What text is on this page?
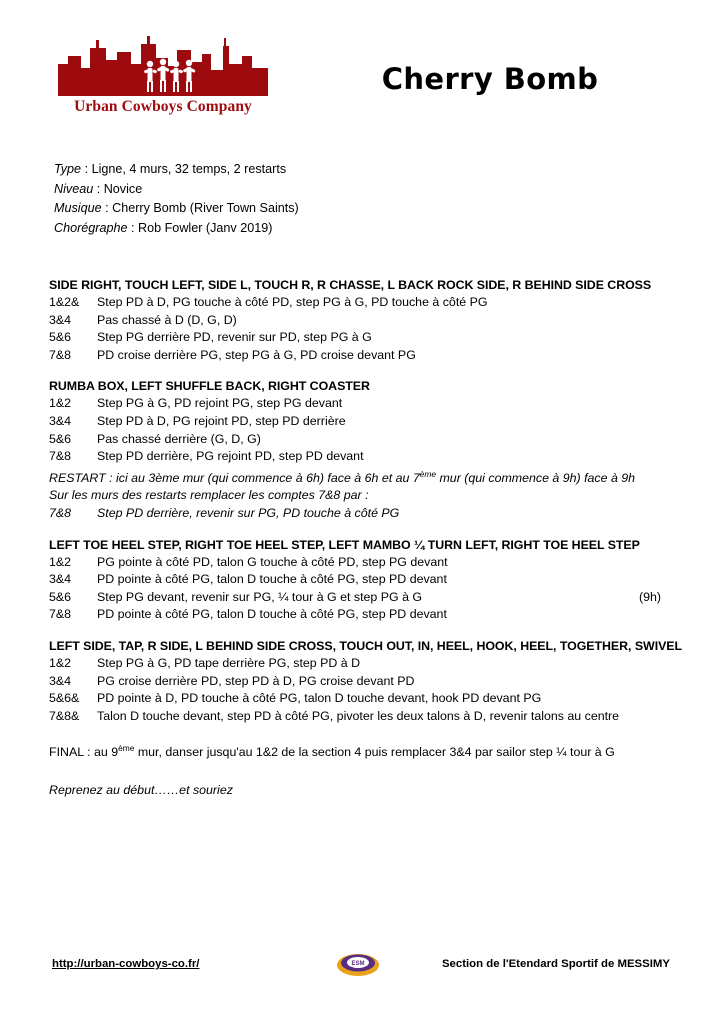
Urban Cowboys Company
Cherry Bomb
Type : Ligne, 4 murs, 32 temps, 2 restarts
Niveau : Novice
Musique : Cherry Bomb (River Town Saints)
Chorégraphe : Rob Fowler (Janv 2019)
SIDE RIGHT, TOUCH LEFT, SIDE L, TOUCH R, R CHASSE, L BACK ROCK SIDE, R BEHIND SIDE CROSS
1&2&	Step PD à D, PG touche à côté PD, step PG à G, PD touche à côté PG
3&4	Pas chassé à D (D, G, D)
5&6	Step PG derrière PD, revenir sur PD, step PG à G
7&8	PD croise derrière PG, step PG à G, PD croise devant PG
RUMBA BOX, LEFT SHUFFLE BACK, RIGHT COASTER
1&2	Step PG à G, PD rejoint PG, step PG devant
3&4	Step PD à D, PG rejoint PD, step PD derrière
5&6	Pas chassé derrière (G, D, G)
7&8	Step PD derrière, PG rejoint PD, step PD devant
RESTART : ici au 3ème mur (qui commence à 6h) face à 6h et au 7ème mur (qui commence à 9h) face à 9h
Sur les murs des restarts remplacer les comptes 7&8 par :
7&8	Step PD derrière, revenir sur PG, PD touche à côté PG
LEFT TOE HEEL STEP, RIGHT TOE HEEL STEP, LEFT MAMBO ¼ TURN LEFT, RIGHT TOE HEEL STEP
1&2	PG pointe à côté PD, talon G touche à côté PD, step PG devant
3&4	PD pointe à côté PG, talon D touche à côté PG, step PD devant
5&6	Step PG devant, revenir sur PG, ¼ tour à G et step PG à G	(9h)
7&8	PD pointe à côté PG, talon D touche à côté PG, step PD devant
LEFT SIDE, TAP, R SIDE, L BEHIND SIDE CROSS, TOUCH OUT, IN, HEEL, HOOK, HEEL, TOGETHER, SWIVEL
1&2	Step PG à G, PD tape derrière PG, step PD à D
3&4	PG croise derrière PD, step PD à D, PG croise devant PD
5&6&	PD pointe à D, PD touche à côté PG, talon D touche devant, hook PD devant PG
7&8&	Talon D touche devant, step PD à côté PG, pivoter les deux talons à D, revenir talons au centre
FINAL : au 9ème mur, danser jusqu'au 1&2 de la section 4 puis remplacer 3&4 par sailor step ¼ tour à G
Reprenez au début……et souriez
http://urban-cowboys-co.fr/	ESM	Section de l'Etendard Sportif de MESSIMY
